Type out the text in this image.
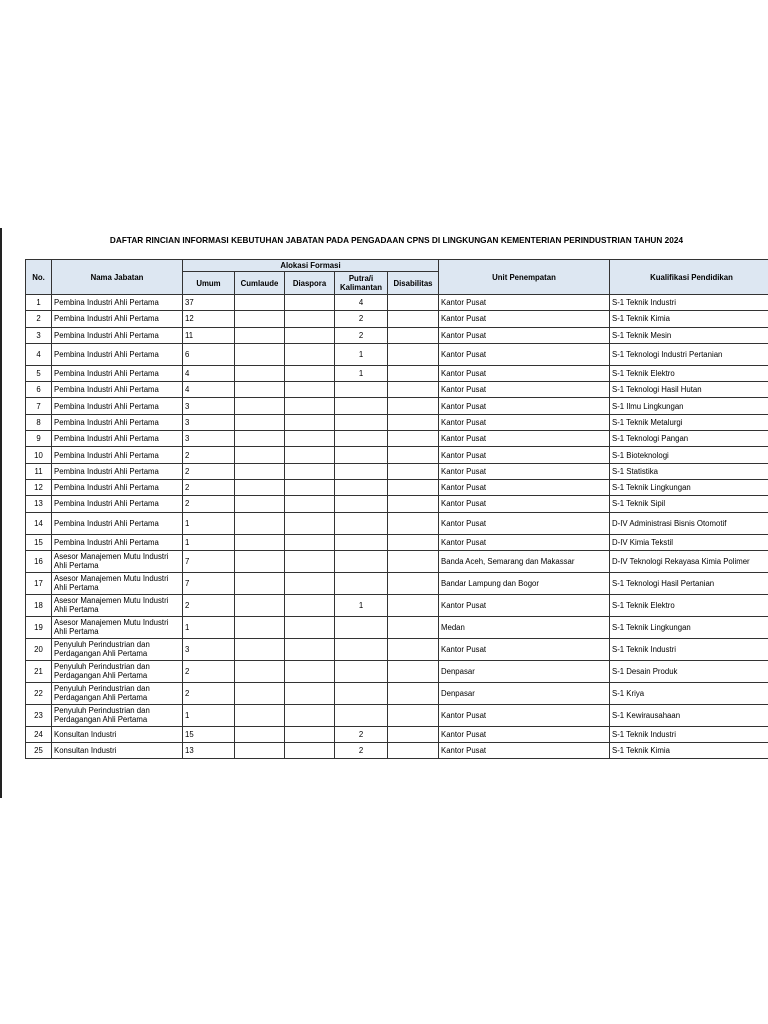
DAFTAR RINCIAN INFORMASI KEBUTUHAN JABATAN PADA PENGADAAN CPNS DI LINGKUNGAN KEMENTERIAN PERINDUSTRIAN TAHUN 2024
No.	Nama Jabatan	Alokasi Formasi					Unit Penempatan	Kualifikasi Pendidikan
		Umum	Cumlaude	Diaspora	Putra/i Kalimantan	Disabilitas		
1	Pembina Industri Ahli Pertama	37			4		Kantor Pusat	S-1 Teknik Industri
2	Pembina Industri Ahli Pertama	12			2		Kantor Pusat	S-1 Teknik Kimia
3	Pembina Industri Ahli Pertama	11			2		Kantor Pusat	S-1 Teknik Mesin
4	Pembina Industri Ahli Pertama	6			1		Kantor Pusat	S-1 Teknologi Industri Pertanian
5	Pembina Industri Ahli Pertama	4			1		Kantor Pusat	S-1 Teknik Elektro
6	Pembina Industri Ahli Pertama	4					Kantor Pusat	S-1 Teknologi Hasil Hutan
7	Pembina Industri Ahli Pertama	3					Kantor Pusat	S-1 Ilmu Lingkungan
8	Pembina Industri Ahli Pertama	3					Kantor Pusat	S-1 Teknik Metalurgi
9	Pembina Industri Ahli Pertama	3					Kantor Pusat	S-1 Teknologi Pangan
10	Pembina Industri Ahli Pertama	2					Kantor Pusat	S-1 Bioteknologi
11	Pembina Industri Ahli Pertama	2					Kantor Pusat	S-1 Statistika
12	Pembina Industri Ahli Pertama	2					Kantor Pusat	S-1 Teknik Lingkungan
13	Pembina Industri Ahli Pertama	2					Kantor Pusat	S-1 Teknik Sipil
14	Pembina Industri Ahli Pertama	1					Kantor Pusat	D-IV Administrasi Bisnis Otomotif
15	Pembina Industri Ahli Pertama	1					Kantor Pusat	D-IV Kimia Tekstil
16	Asesor Manajemen Mutu Industri Ahli Pertama	7					Banda Aceh, Semarang dan Makassar	D-IV Teknologi Rekayasa Kimia Polimer
17	Asesor Manajemen Mutu Industri Ahli Pertama	7					Bandar Lampung dan Bogor	S-1 Teknologi Hasil Pertanian
18	Asesor Manajemen Mutu Industri Ahli Pertama	2			1		Kantor Pusat	S-1 Teknik Elektro
19	Asesor Manajemen Mutu Industri Ahli Pertama	1					Medan	S-1 Teknik Lingkungan
20	Penyuluh Perindustrian dan Perdagangan Ahli Pertama	3					Kantor Pusat	S-1 Teknik Industri
21	Penyuluh Perindustrian dan Perdagangan Ahli Pertama	2					Denpasar	S-1 Desain Produk
22	Penyuluh Perindustrian dan Perdagangan Ahli Pertama	2					Denpasar	S-1 Kriya
23	Penyuluh Perindustrian dan Perdagangan Ahli Pertama	1					Kantor Pusat	S-1 Kewirausahaan
24	Konsultan Industri	15			2		Kantor Pusat	S-1 Teknik Industri
25	Konsultan Industri	13			2		Kantor Pusat	S-1 Teknik Kimia
